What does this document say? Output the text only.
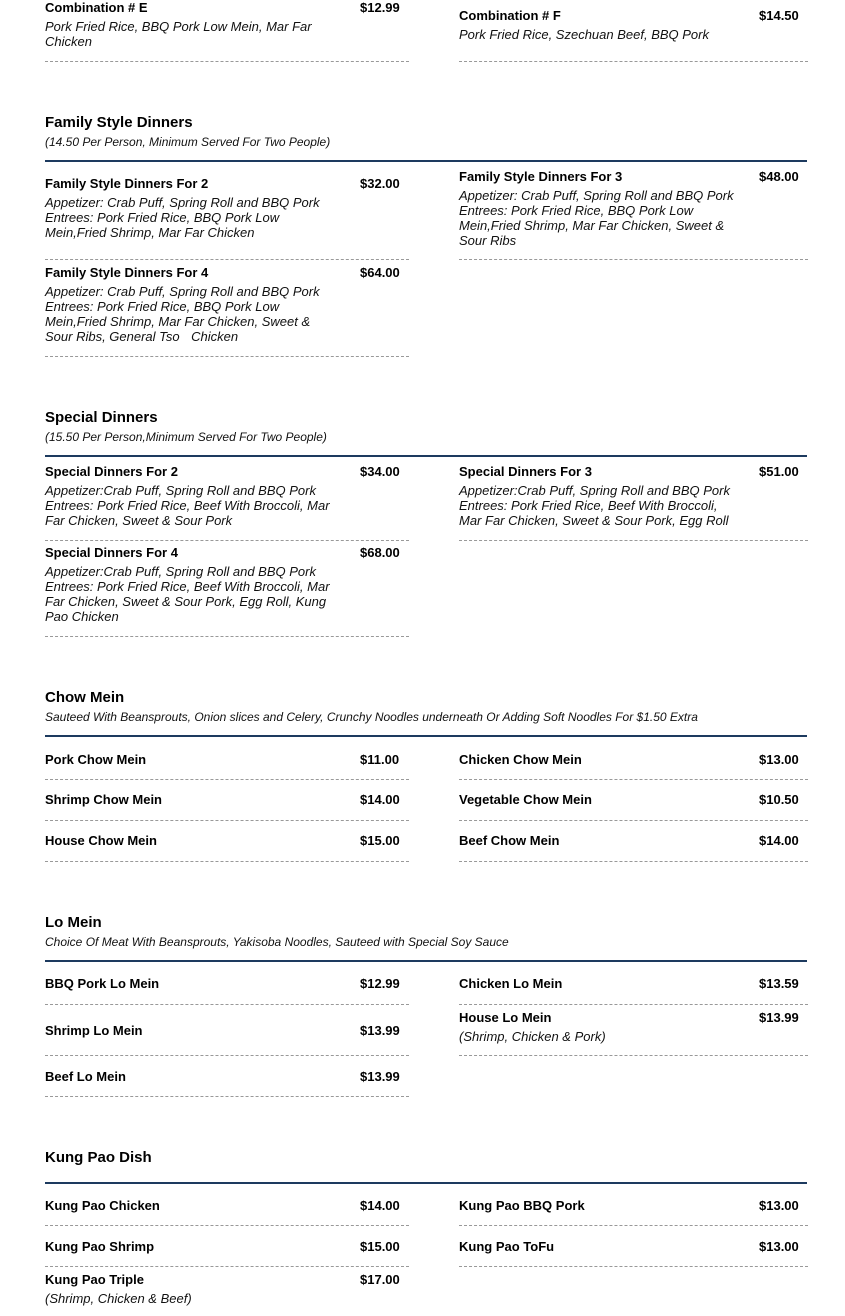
Combination # E	$12.99
Pork Fried Rice, BBQ Pork Low Mein, Mar Far Chicken
Combination # F	$14.50
Pork Fried Rice, Szechuan Beef, BBQ Pork
Family Style Dinners
(14.50 Per Person, Minimum Served For Two People)
Family Style Dinners For 2	$32.00
Appetizer: Crab Puff, Spring Roll and BBQ Pork Entrees: Pork Fried Rice, BBQ Pork Low Mein,Fried Shrimp, Mar Far Chicken
Family Style Dinners For 3	$48.00
Appetizer: Crab Puff, Spring Roll and BBQ Pork Entrees: Pork Fried Rice, BBQ Pork Low Mein,Fried Shrimp, Mar Far Chicken, Sweet & Sour Ribs
Family Style Dinners For 4	$64.00
Appetizer: Crab Puff, Spring Roll and BBQ Pork Entrees: Pork Fried Rice, BBQ Pork Low Mein,Fried Shrimp, Mar Far Chicken, Sweet & Sour Ribs, General Tso Chicken
Special Dinners
(15.50 Per Person,Minimum Served For Two People)
Special Dinners For 2	$34.00
Appetizer:Crab Puff, Spring Roll and BBQ Pork Entrees: Pork Fried Rice, Beef With Broccoli, Mar Far Chicken, Sweet & Sour Pork
Special Dinners For 3	$51.00
Appetizer:Crab Puff, Spring Roll and BBQ Pork Entrees: Pork Fried Rice, Beef With Broccoli, Mar Far Chicken, Sweet & Sour Pork, Egg Roll
Special Dinners For 4	$68.00
Appetizer:Crab Puff, Spring Roll and BBQ Pork Entrees: Pork Fried Rice, Beef With Broccoli, Mar Far Chicken, Sweet & Sour Pork, Egg Roll, Kung Pao Chicken
Chow Mein
Sauteed With Beansprouts, Onion slices and Celery, Crunchy Noodles underneath Or Adding Soft Noodles For $1.50 Extra
Pork Chow Mein	$11.00	Chicken Chow Mein	$13.00
Shrimp Chow Mein	$14.00	Vegetable Chow Mein	$10.50
House Chow Mein	$15.00	Beef Chow Mein	$14.00
Lo Mein
Choice Of Meat With Beansprouts, Yakisoba Noodles, Sauteed with Special Soy Sauce
BBQ Pork Lo Mein	$12.99	Chicken Lo Mein	$13.59
Shrimp Lo Mein	$13.99
House Lo Mein	$13.99
(Shrimp, Chicken & Pork)
Beef Lo Mein	$13.99
Kung Pao Dish
Kung Pao Chicken	$14.00	Kung Pao BBQ Pork	$13.00
Kung Pao Shrimp	$15.00	Kung Pao ToFu	$13.00
Kung Pao Triple	$17.00
(Shrimp, Chicken & Beef)
